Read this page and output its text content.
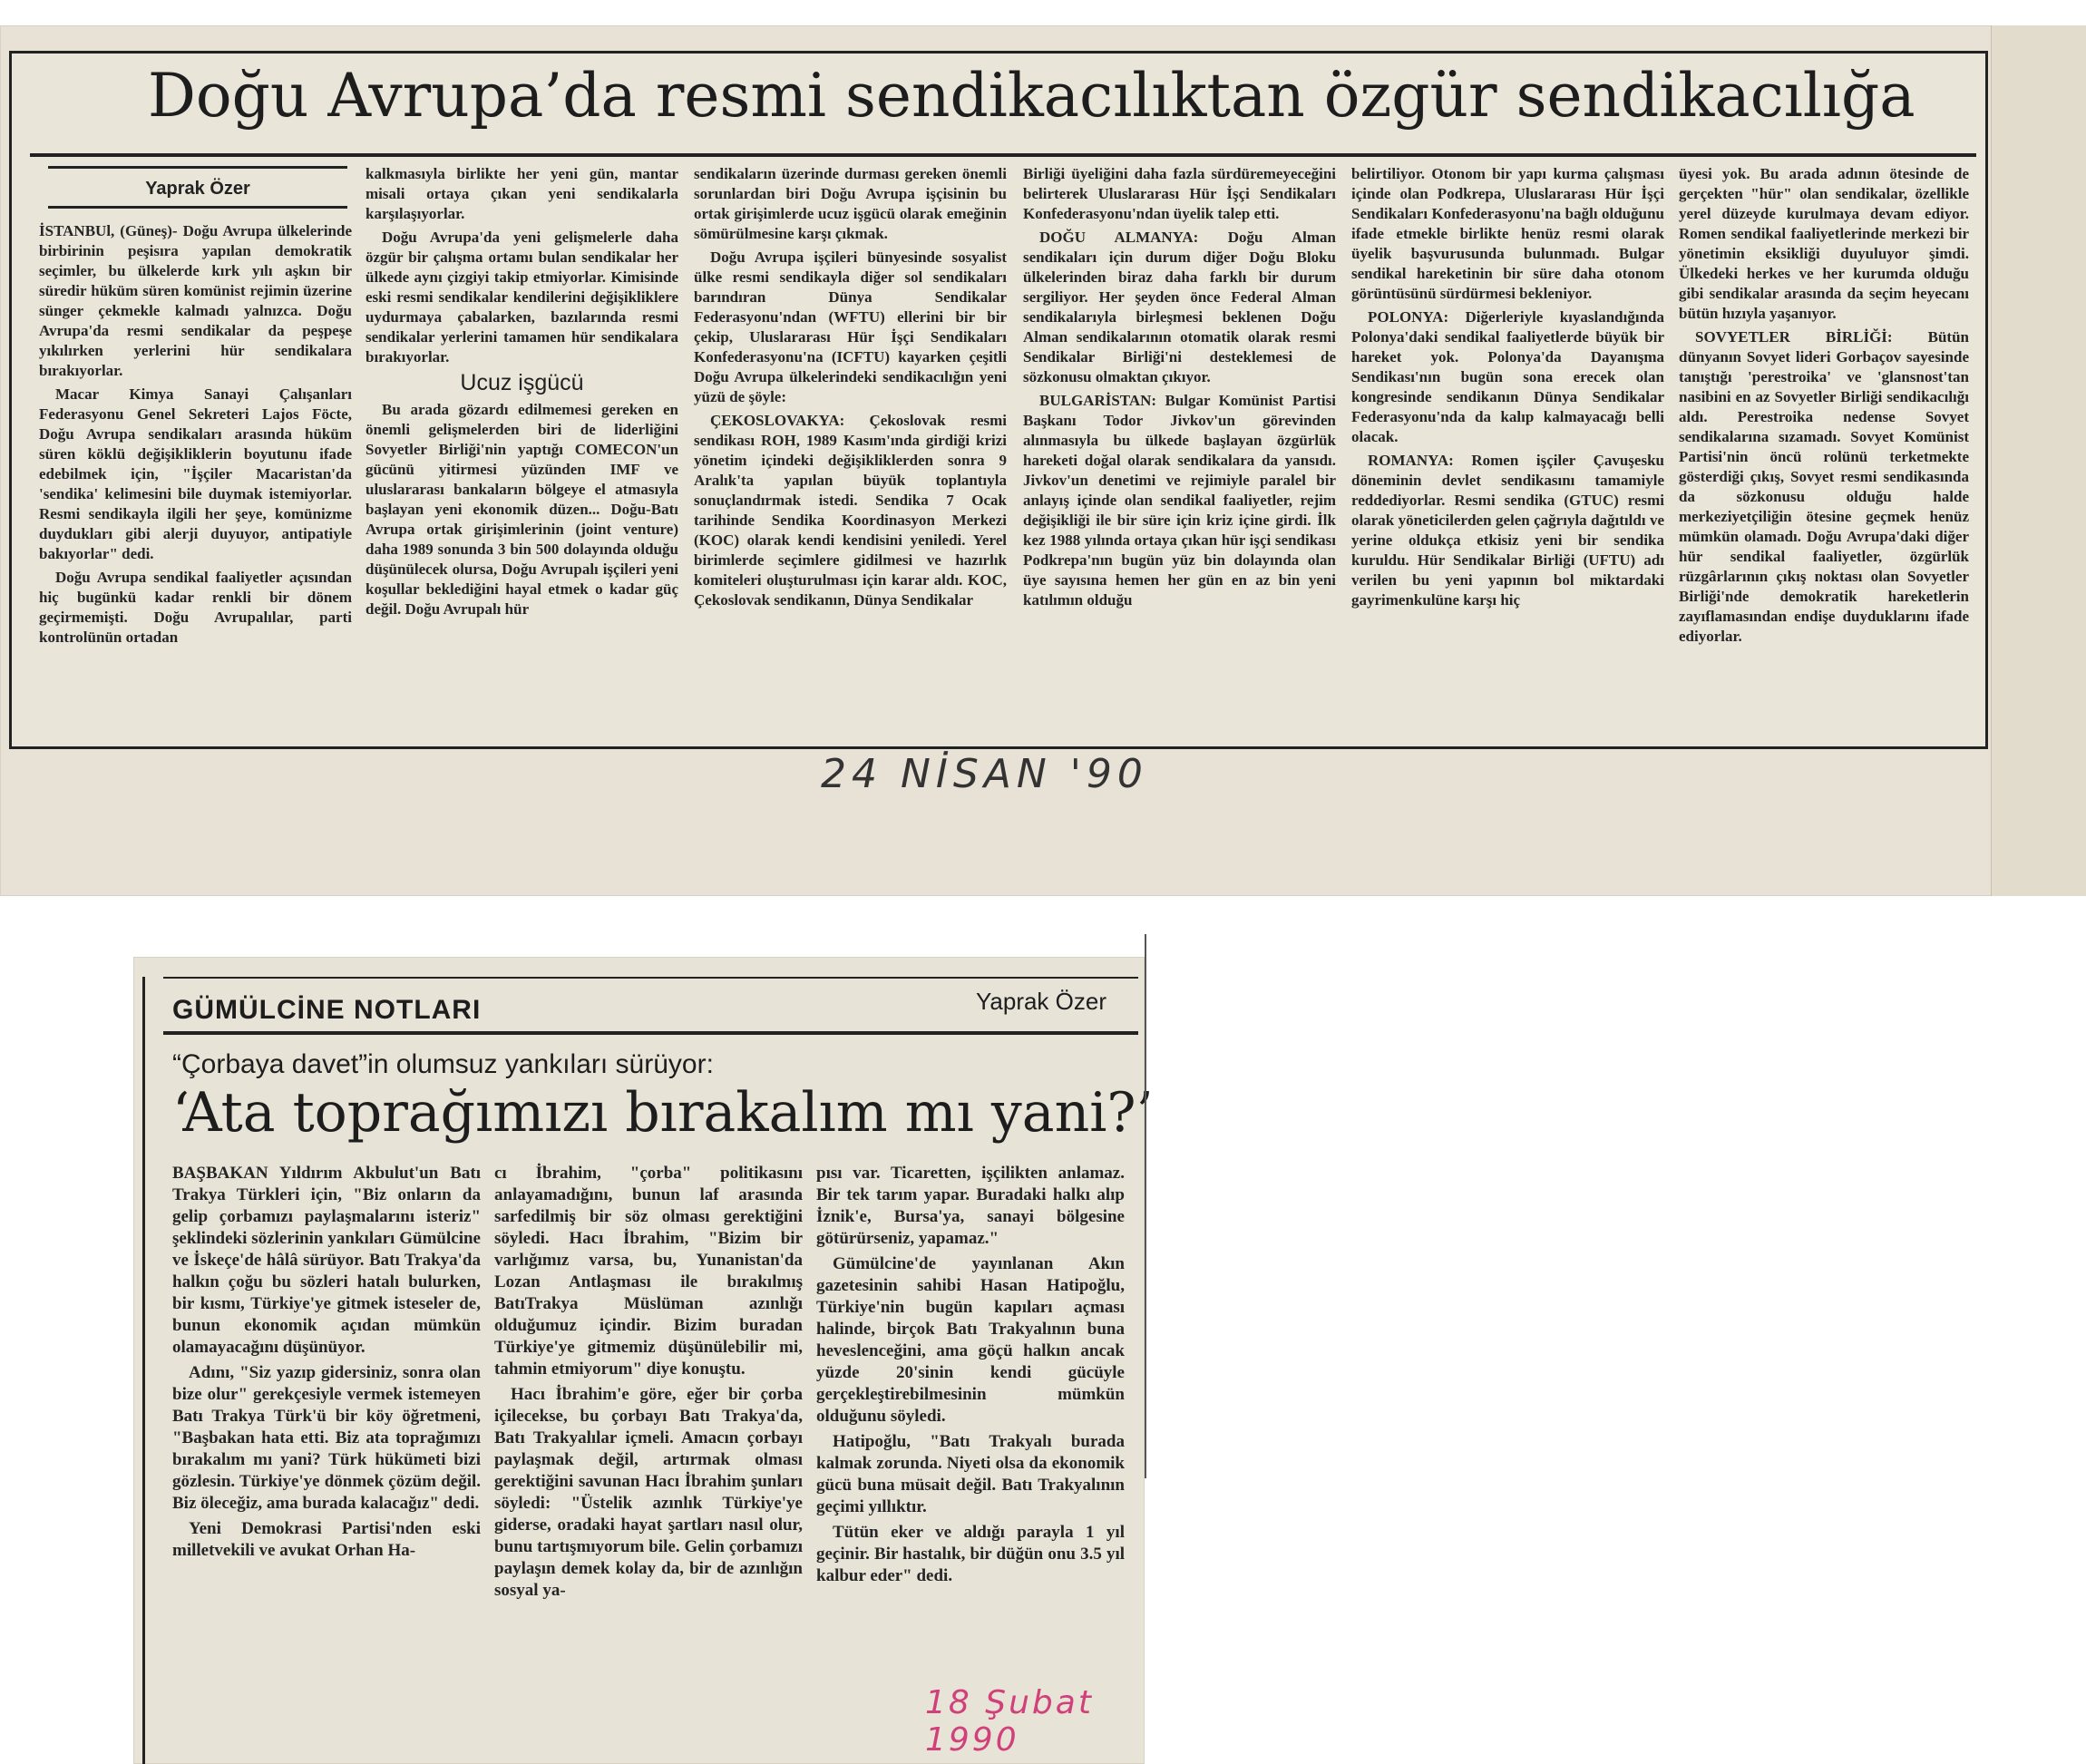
Doğu Avrupa’da resmi sendikacılıktan özgür sendikacılığa
Yaprak Özer

İSTANBUl, (Güneş)- Doğu Avrupa ülkelerinde birbirinin peşisıra yapılan demokratik seçimler, bu ülkelerde kırk yılı aşkın bir süredir hüküm süren komünist rejimin üzerine sünger çekmekle kalmadı yalnızca. Doğu Avrupa'da resmi sendikalar da peşpeşe yıkılırken yerlerini hür sendikalara bırakıyorlar.

Macar Kimya Sanayi Çalışanları Federasyonu Genel Sekreteri Lajos Föcte, Doğu Avrupa sendikaları arasında hüküm süren köklü değişikliklerin boyutunu ifade edebilmek için, "İşçiler Macaristan'da 'sendika' kelimesini bile duymak istemiyorlar. Resmi sendikayla ilgili her şeye, komünizme duydukları gibi alerji duyuyor, antipatiyle bakıyorlar" dedi.

Doğu Avrupa sendikal faaliyetler açısından hiç bugünkü kadar renkli bir dönem geçirmemişti. Doğu Avrupalılar, parti kontrolünün ortadan

kalkmasıyla birlikte her yeni gün, mantar misali ortaya çıkan yeni sendikalarla karşılaşıyorlar.

Doğu Avrupa'da yeni gelişmelerle daha özgür bir çalışma ortamı bulan sendikalar her ülkede aynı çizgiyi takip etmiyorlar. Kimisinde eski resmi sendikalar kendilerini değişikliklere uydurmaya çabalarken, bazılarında resmi sendikalar yerlerini tamamen hür sendikalara bırakıyorlar.

Ucuz işgücü

Bu arada gözardı edilmemesi gereken en önemli gelişmelerden biri de liderliğini Sovyetler Birliği'nin yaptığı COMECON'un gücünü yitirmesi yüzünden IMF ve uluslararası bankaların bölgeye el atmasıyla başlayan yeni ekonomik düzen... Doğu-Batı Avrupa ortak girişimlerinin (joint venture) daha 1989 sonunda 3 bin 500 dolayında olduğu düşünülecek olursa, Doğu Avrupalı işçileri yeni koşullar beklediğini hayal etmek o kadar güç değil. Doğu Avrupalı hür

sendikaların üzerinde durması gereken önemli sorunlardan biri Doğu Avrupa işçisinin bu ortak girişimlerde ucuz işgücü olarak emeğinin sömürülmesine karşı çıkmak.

Doğu Avrupa işçileri bünyesinde sosyalist ülke resmi sendikayla diğer sol sendikaları barındıran Dünya Sendikalar Federasyonu'ndan (WFTU) ellerini bir bir çekip, Uluslararası Hür İşçi Sendikaları Konfederasyonu'na (ICFTU) kayarken çeşitli Doğu Avrupa ülkelerindeki sendikacılığın yeni yüzü de şöyle:

ÇEKOSLOVAKYA: Çekoslovak resmi sendikası ROH, 1989 Kasım'ında girdiği krizi yönetim içindeki değişikliklerden sonra 9 Aralık'ta yapılan büyük toplantıyla sonuçlandırmak istedi. Sendika 7 Ocak tarihinde Sendika Koordinasyon Merkezi (KOC) olarak kendi kendisini yeniledi. Yerel birimlerde seçimlere gidilmesi ve hazırlık komiteleri oluşturulması için karar aldı. KOC, Çekoslovak sendikanın, Dünya Sendikalar

Birliği üyeliğini daha fazla sürdüremeyeceğini belirterek Uluslararası Hür İşçi Sendikaları Konfederasyonu'ndan üyelik talep etti.

DOĞU ALMANYA: Doğu Alman sendikaları için durum diğer Doğu Bloku ülkelerinden biraz daha farklı bir durum sergiliyor. Her şeyden önce Federal Alman sendikalarıyla birleşmesi beklenen Doğu Alman sendikalarının otomatik olarak resmi Sendikalar Birliği'ni desteklemesi de sözkonusu olmaktan çıkıyor.

BULGARİSTAN: Bulgar Komünist Partisi Başkanı Todor Jivkov'un görevinden alınmasıyla bu ülkede başlayan özgürlük hareketi doğal olarak sendikalara da yansıdı. Jivkov'un denetimi ve rejimiyle paralel bir anlayış içinde olan sendikal faaliyetler, rejim değişikliği ile bir süre için kriz içine girdi. İlk kez 1988 yılında ortaya çıkan hür işçi sendikası Podkrepa'nın bugün yüz bin dolayında olan üye sayısına hemen her gün en az bin yeni katılımın olduğu

belirtiliyor. Otonom bir yapı kurma çalışması içinde olan Podkrepa, Uluslararası Hür İşçi Sendikaları Konfederasyonu'na bağlı olduğunu ifade etmekle birlikte henüz resmi olarak üyelik başvurusunda bulunmadı. Bulgar sendikal hareketinin bir süre daha otonom görüntüsünü sürdürmesi bekleniyor.

POLONYA: Diğerleriyle kıyaslandığında Polonya'daki sendikal faaliyetlerde büyük bir hareket yok. Polonya'da Dayanışma Sendikası'nın bugün sona erecek olan kongresinde sendikanın Dünya Sendikalar Federasyonu'nda da kalıp kalmayacağı belli olacak.

ROMANYA: Romen işçiler Çavuşesku döneminin devlet sendikasını tamamiyle reddediyorlar. Resmi sendika (GTUC) resmi olarak yöneticilerden gelen çağrıyla dağıtıldı ve yerine oldukça etkisiz yeni bir sendika kuruldu. Hür Sendikalar Birliği (UFTU) adı verilen bu yeni yapının bol miktardaki gayrimenkulüne karşı hiç

üyesi yok. Bu arada adının ötesinde de gerçekten "hür" olan sendikalar, özellikle yerel düzeyde kurulmaya devam ediyor. Romen sendikal faaliyetlerinde merkezi bir yönetimin eksikliği duyuluyor şimdi. Ülkedeki herkes ve her kurumda olduğu gibi sendikalar arasında da seçim heyecanı bütün hızıyla yaşanıyor.

SOVYETLER BİRLİĞİ: Bütün dünyanın Sovyet lideri Gorbaçov sayesinde tanıştığı 'perestroika' ve 'glansnost'tan nasibini en az Sovyetler Birliği sendikacılığı aldı. Perestroika nedense Sovyet sendikalarına sızamadı. Sovyet Komünist Partisi'nin öncü rolünü terketmekte gösterdiği çıkış, Sovyet resmi sendikasında da sözkonusu olduğu halde merkeziyetçiliğin ötesine geçmek henüz mümkün olamadı. Doğu Avrupa'daki diğer hür sendikal faaliyetler, özgürlük rüzgârlarının çıkış noktası olan Sovyetler Birliği'nde demokratik hareketlerin zayıflamasından endişe duyduklarını ifade ediyorlar.

24 NİSAN '90
GÜMÜLCİNE NOTLARI	Yaprak Özer
“Çorbaya davet”in olumsuz yankıları sürüyor:
‘Ata toprağımızı bırakalım mı yani?’

BAŞBAKAN Yıldırım Akbulut'un Batı Trakya Türkleri için, "Biz onların da gelip çorbamızı paylaşmalarını isteriz" şeklindeki sözlerinin yankıları Gümülcine ve İskeçe'de hâlâ sürüyor. Batı Trakya'da halkın çoğu bu sözleri hatalı bulurken, bir kısmı, Türkiye'ye gitmek isteseler de, bunun ekonomik açıdan mümkün olamayacağını düşünüyor.

Adını, "Siz yazıp gidersiniz, sonra olan bize olur" gerekçesiyle vermek istemeyen Batı Trakya Türk'ü bir köy öğretmeni, "Başbakan hata etti. Biz ata toprağımızı bırakalım mı yani? Türk hükümeti bizi gözlesin. Türkiye'ye dönmek çözüm değil. Biz öleceğiz, ama burada kalacağız" dedi.

Yeni Demokrasi Partisi'nden eski milletvekili ve avukat Orhan Ha-

cı İbrahim, "çorba" politikasını anlayamadığını, bunun laf arasında sarfedilmiş bir söz olması gerektiğini söyledi. Hacı İbrahim, "Bizim bir varlığımız varsa, bu, Yunanistan'da Lozan Antlaşması ile bırakılmış BatıTrakya Müslüman azınlığı olduğumuz içindir. Bizim buradan Türkiye'ye gitmemiz düşünülebilir mi, tahmin etmiyorum" diye konuştu.

Hacı İbrahim'e göre, eğer bir çorba içilecekse, bu çorbayı Batı Trakya'da, Batı Trakyalılar içmeli. Amacın çorbayı paylaşmak değil, artırmak olması gerektiğini savunan Hacı İbrahim şunları söyledi: "Üstelik azınlık Türkiye'ye giderse, oradaki hayat şartları nasıl olur, bunu tartışmıyorum bile. Gelin çorbamızı paylaşın demek kolay da, bir de azınlığın sosyal ya-

pısı var. Ticaretten, işçilikten anlamaz. Bir tek tarım yapar. Buradaki halkı alıp İznik'e, Bursa'ya, sanayi bölgesine götürürseniz, yapamaz."

Gümülcine'de yayınlanan Akın gazetesinin sahibi Hasan Hatipoğlu, Türkiye'nin bugün kapıları açması halinde, birçok Batı Trakyalının buna heveslenceğini, ama göçü halkın ancak yüzde 20'sinin kendi gücüyle gerçekleştirebilmesinin mümkün olduğunu söyledi.

Hatipoğlu, "Batı Trakyalı burada kalmak zorunda. Niyeti olsa da ekonomik gücü buna müsait değil. Batı Trakyalının geçimi yıllıktır.

Tütün eker ve aldığı parayla 1 yıl geçinir. Bir hastalık, bir düğün onu 3.5 yıl kalbur eder" dedi.

18 Şubat 1990
